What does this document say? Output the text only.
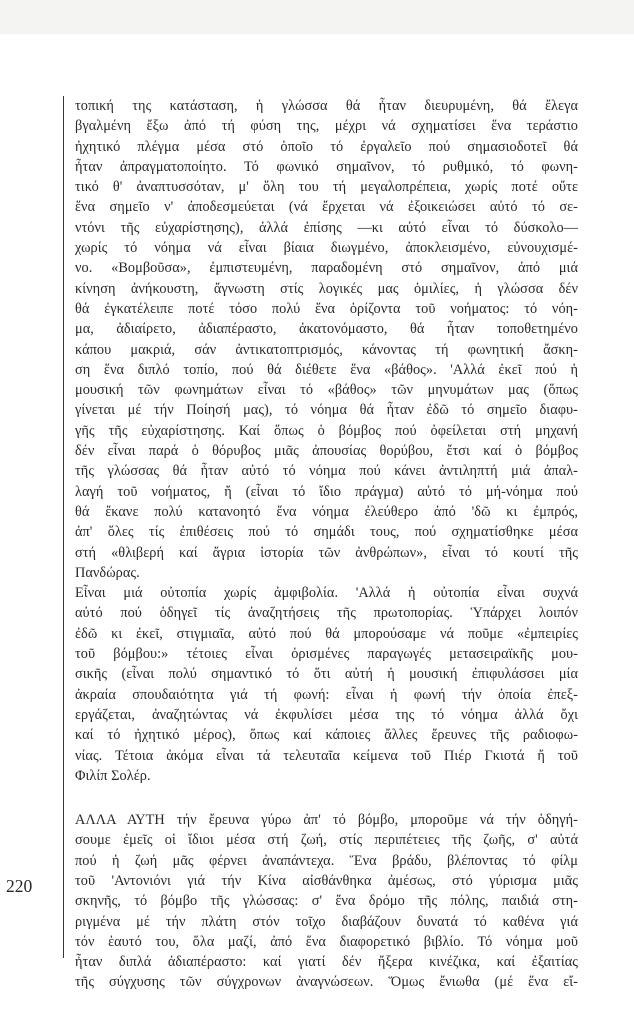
τοπική της κατάσταση, ἡ γλώσσα θά ἦταν διευρυμένη, θά ἔλεγα
βγαλμένη ἔξω ἀπό τή φύση της, μέχρι νά σχηματίσει ἕνα τεράστιο
ἠχητικό πλέγμα μέσα στό ὁποῖο τό ἐργαλεῖο πού σημασιοδοτεῖ θά
ἦταν ἀπραγματοποίητο. Τό φωνικό σημαῖνον, τό ρυθμικό, τό φωνη-
τικό θ' ἀναπτυσσόταν, μ' ὅλη του τή μεγαλοπρέπεια, χωρίς ποτέ οὔτε
ἕνα σημεῖο ν' ἀποδεσμεύεται (νά ἔρχεται νά ἐξοικειώσει αὐτό τό σε-
ντόνι τῆς εὐχαρίστησης), ἀλλά ἐπίσης —κι αὐτό εἶναι τό δύσκολο—
χωρίς τό νόημα νά εἶναι βίαια διωγμένο, ἀποκλεισμένο, εὐνουχισμέ-
νο. «Βομβοῦσα», ἐμπιστευμένη, παραδομένη στό σημαῖνον, ἀπό μιά
κίνηση ἀνήκουστη, ἄγνωστη στίς λογικές μας ὁμιλίες, ἡ γλώσσα δέν
θά ἐγκατέλειπε ποτέ τόσο πολύ ἕνα ὁρίζοντα τοῦ νοήματος: τό νόη-
μα, ἀδιαίρετο, ἀδιαπέραστο, ἀκατονόμαστο, θά ἦταν τοποθετημένο
κάπου μακριά, σάν ἀντικατοπτρισμός, κάνοντας τή φωνητική ἄσκη-
ση ἕνα διπλό τοπίο, πού θά διέθετε ἕνα «βάθος». 'Αλλά ἐκεῖ πού ἡ
μουσική τῶν φωνημάτων εἶναι τό «βάθος» τῶν μηνυμάτων μας (ὅπως
γίνεται μέ τήν Ποίησή μας), τό νόημα θά ἦταν ἐδῶ τό σημεῖο διαφυ-
γῆς τῆς εὐχαρίστησης. Καί ὅπως ὁ βόμβος πού ὀφείλεται στή μηχανή
δέν εἶναι παρά ὁ θόρυβος μιᾶς ἀπουσίας θορύβου, ἔτσι καί ὁ βόμβος
τῆς γλώσσας θά ἦταν αὐτό τό νόημα πού κάνει ἀντιληπτή μιά ἀπαλ-
λαγή τοῦ νοήματος, ἤ (εἶναι τό ἴδιο πράγμα) αὐτό τό μή-νόημα πού
θά ἔκανε πολύ κατανοητό ἕνα νόημα ἐλεύθερο ἀπό 'δῶ κι ἐμπρός,
ἀπ' ὅλες τίς ἐπιθέσεις πού τό σημάδι τους, πού σχηματίσθηκε μέσα
στή «θλιβερή καί ἄγρια ἱστορία τῶν ἀνθρώπων», εἶναι τό κουτί τῆς
Πανδώρας.
Εἶναι μιά οὐτοπία χωρίς ἀμφιβολία. 'Αλλά ἡ οὐτοπία εἶναι συχνά
αὐτό πού ὁδηγεῖ τίς ἀναζητήσεις τῆς πρωτοπορίας. Ὑπάρχει λοιπόν
ἐδῶ κι ἐκεῖ, στιγμιαῖα, αὐτό πού θά μπορούσαμε νά ποῦμε «ἐμπειρίες
τοῦ βόμβου:» τέτοιες εἶναι ὁρισμένες παραγωγές μετασειραϊκῆς μου-
σικῆς (εἶναι πολύ σημαντικό τό ὅτι αὐτή ἡ μουσική ἐπιφυλάσσει μία
ἀκραία σπουδαιότητα γιά τή φωνή: εἶναι ἡ φωνή τήν ὁποία ἐπεξ-
εργάζεται, ἀναζητώντας νά ἐκφυλίσει μέσα της τό νόημα ἀλλά ὄχι
καί τό ἠχητικό μέρος), ὅπως καί κάποιες ἄλλες ἔρευνες τῆς ραδιοφω-
νίας. Τέτοια ἀκόμα εἶναι τά τελευταῖα κείμενα τοῦ Πιέρ Γκιοτά ἤ τοῦ
Φιλίπ Σολέρ.
ΑΛΛΑ ΑΥΤΗ τήν ἔρευνα γύρω ἀπ' τό βόμβο, μποροῦμε νά τήν ὁδηγή-
σουμε ἐμεῖς οἱ ἴδιοι μέσα στή ζωή, στίς περιπέτειες τῆς ζωῆς, σ' αὐτά
πού ἡ ζωή μᾶς φέρνει ἀναπάντεχα. Ἕνα βράδυ, βλέποντας τό φίλμ
τοῦ 'Αντονιόνι γιά τήν Κίνα αἰσθάνθηκα ἀμέσως, στό γύρισμα μιᾶς
σκηνῆς, τό βόμβο τῆς γλώσσας: σ' ἕνα δρόμο τῆς πόλης, παιδιά στη-
ριγμένα μέ τήν πλάτη στόν τοῖχο διαβάζουν δυνατά τό καθένα γιά
τόν ἑαυτό του, ὅλα μαζί, ἀπό ἕνα διαφορετικό βιβλίο. Τό νόημα μοῦ
ἦταν διπλά ἀδιαπέραστο: καί γιατί δέν ἤξερα κινέζικα, καί ἐξαιτίας
τῆς σύγχυσης τῶν σύγχρονων ἀναγνώσεων. Ὅμως ἔνιωθα (μέ ἕνα εἴ-
220
